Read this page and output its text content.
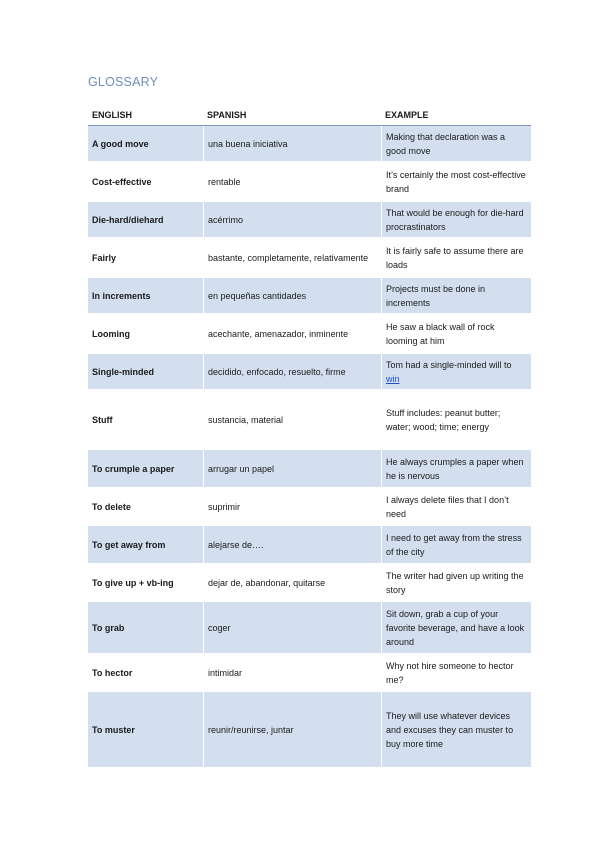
GLOSSARY
ENGLISH	SPANISH	EXAMPLE
A good move	una buena iniciativa	Making that declaration was a good move
Cost-effective	rentable	It’s certainly the most cost-effective brand
Die-hard/diehard	acérrimo	That would be enough for die-hard procrastinators
Fairly	bastante, completamente, relativamente	It is fairly safe to assume there are loads
In increments	en pequeñas cantidades	Projects must be done in increments
Looming	acechante, amenazador, inminente	He saw a black wall of rock looming at him
Single-minded	decidido, enfocado, resuelto, firme	Tom had a single-minded will to win
Stuff	sustancia, material	Stuff includes: peanut butter; water; wood; time; energy
To crumple a paper	arrugar un papel	He always crumples a paper when he is nervous
To delete	suprimir	I always delete files that I don’t need
To get away from	alejarse de….	I need to get away from the stress of the city
To give up + vb-ing	dejar de, abandonar, quitarse	The writer had given up writing the story
To grab	coger	Sit down, grab a cup of your favorite beverage, and have a look around
To hector	intimidar	Why not hire someone to hector me?
To muster	reunir/reunirse, juntar	They will use whatever devices and excuses they can muster to buy more time
